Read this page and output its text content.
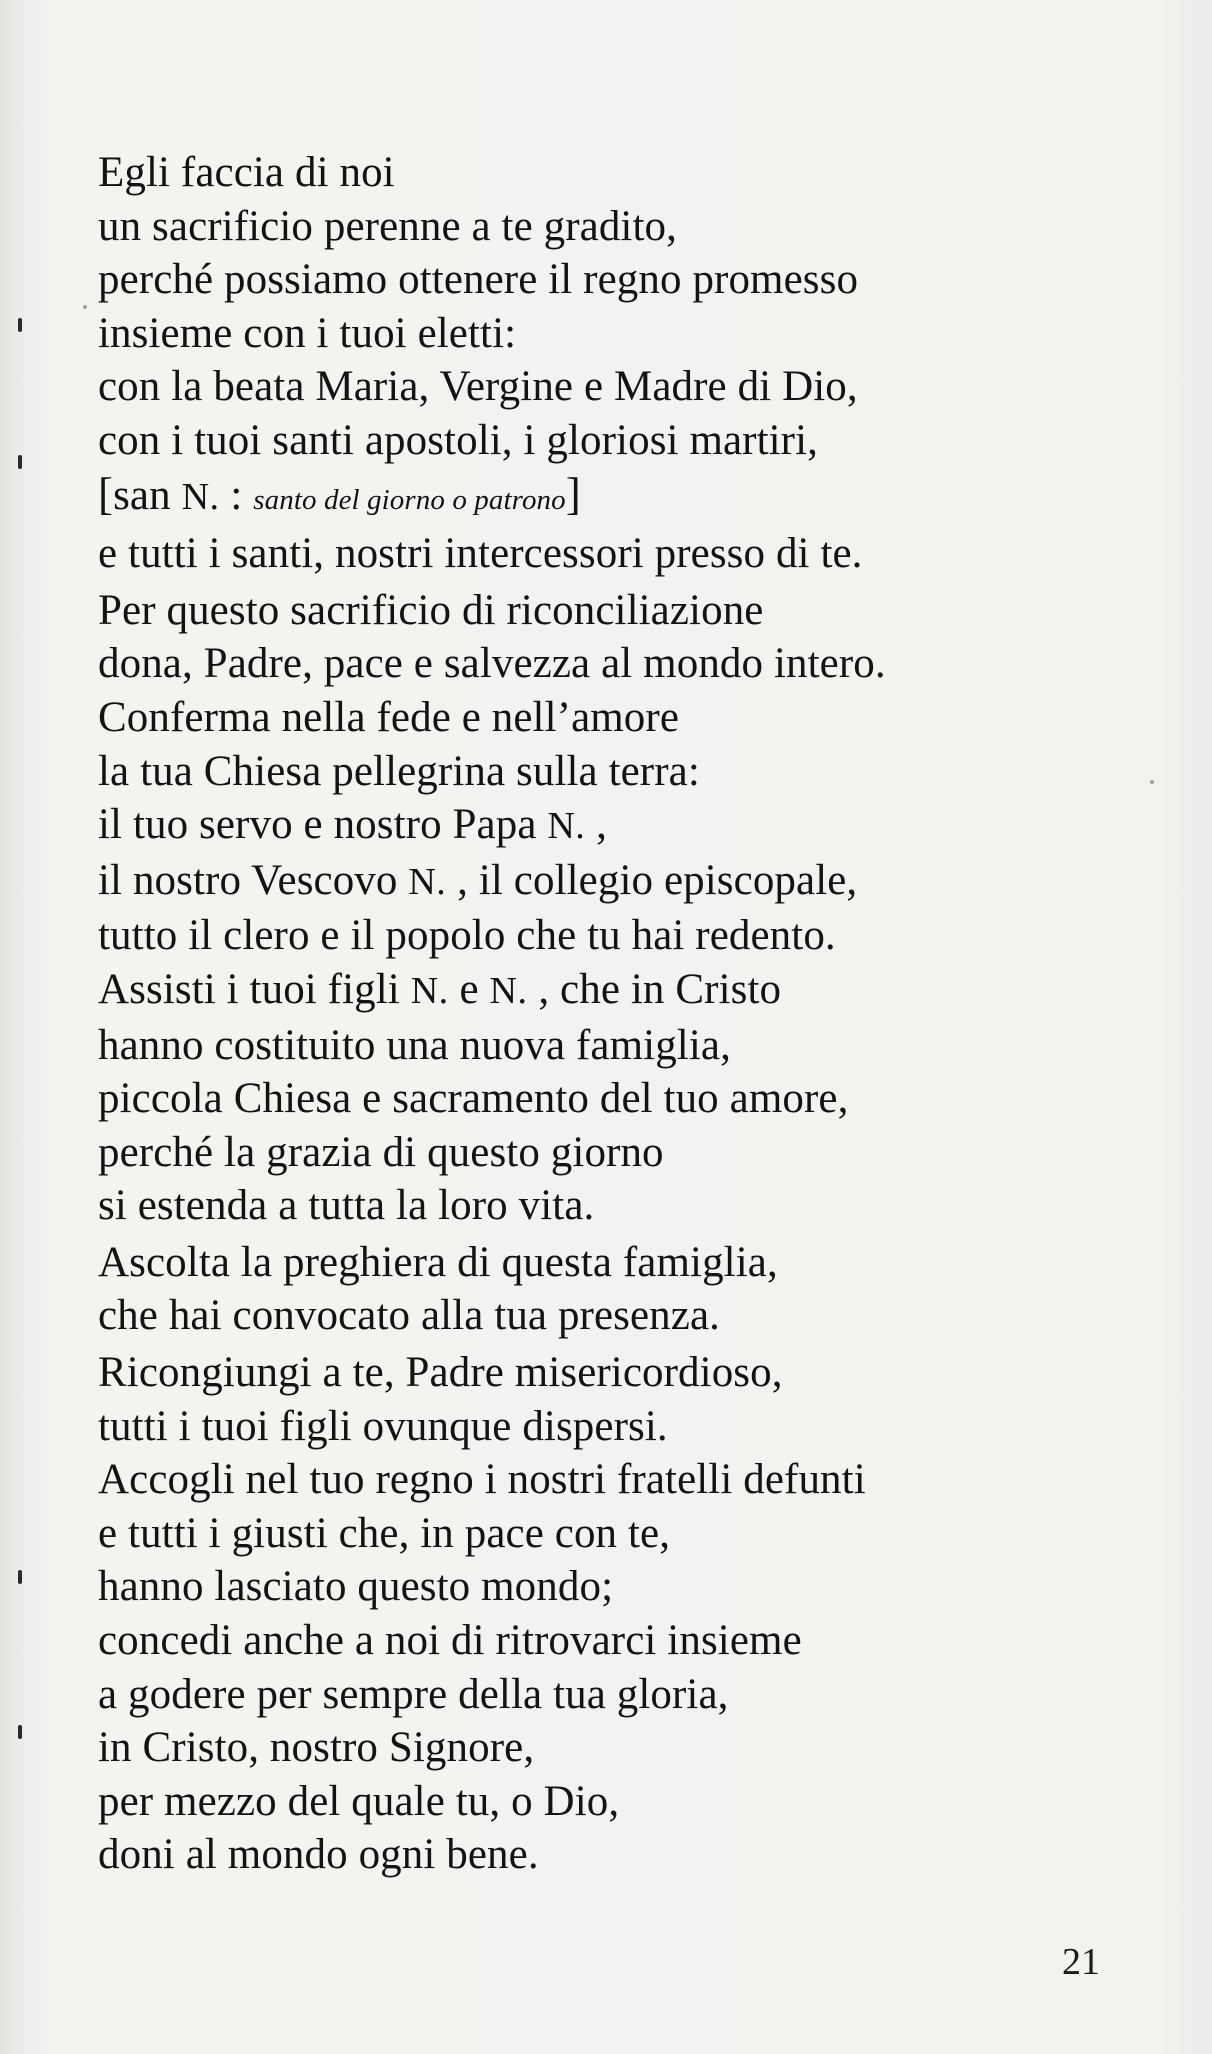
Egli faccia di noi

un sacrificio perenne a te gradito,

perché possiamo ottenere il regno promesso

insieme con i tuoi eletti:

con la beata Maria, Vergine e Madre di Dio,

con i tuoi santi apostoli, i gloriosi martiri,

[san N. : santo del giorno o patrono]

e tutti i santi, nostri intercessori presso di te.

Per questo sacrificio di riconciliazione

dona, Padre, pace e salvezza al mondo intero.

Conferma nella fede e nell’amore

la tua Chiesa pellegrina sulla terra:

il tuo servo e nostro Papa N. ,

il nostro Vescovo N. , il collegio episcopale,

tutto il clero e il popolo che tu hai redento.

Assisti i tuoi figli N. e N. , che in Cristo

hanno costituito una nuova famiglia,

piccola Chiesa e sacramento del tuo amore,

perché la grazia di questo giorno

si estenda a tutta la loro vita.

Ascolta la preghiera di questa famiglia,

che hai convocato alla tua presenza.

Ricongiungi a te, Padre misericordioso,

tutti i tuoi figli ovunque dispersi.

Accogli nel tuo regno i nostri fratelli defunti

e tutti i giusti che, in pace con te,

hanno lasciato questo mondo;

concedi anche a noi di ritrovarci insieme

a godere per sempre della tua gloria,

in Cristo, nostro Signore,

per mezzo del quale tu, o Dio,

doni al mondo ogni bene.

21
